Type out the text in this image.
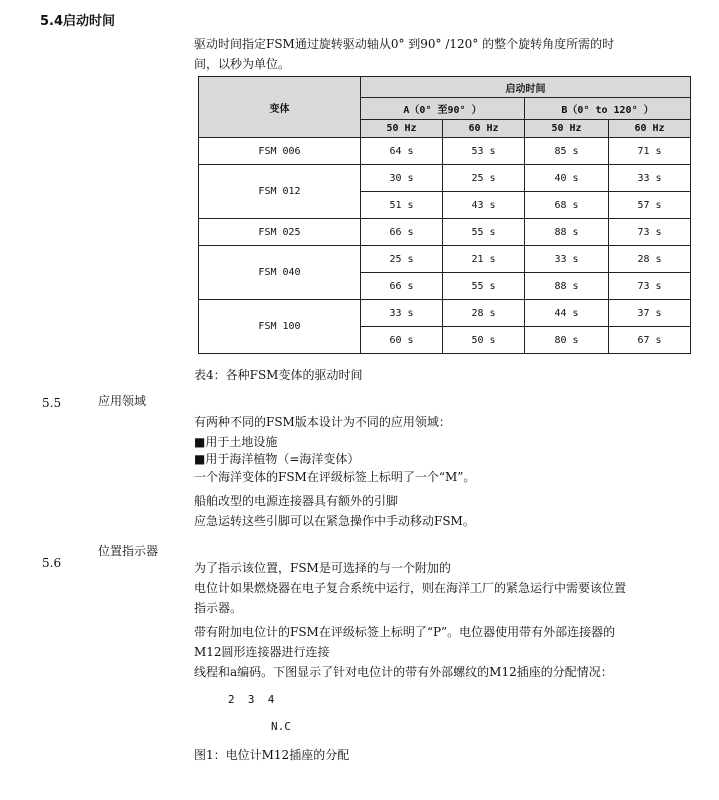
5.4启动时间
驱动时间指定FSM通过旋转驱动轴从0° 到90° /120° 的整个旋转角度所需的时
间，以秒为单位。
变体	启动时间			
	A（0° 至90° ）		B（0° to 120° ）	
	50 Hz	60 Hz	50 Hz	60 Hz
FSM 006	64 s	53 s	85 s	71 s
FSM 012	30 s	25 s	40 s	33 s
	51 s	43 s	68 s	57 s
FSM 025	66 s	55 s	88 s	73 s
FSM 040	25 s	21 s	33 s	28 s
	66 s	55 s	88 s	73 s
FSM 100	33 s	28 s	44 s	37 s
	60 s	50 s	80 s	67 s
表4：各种FSM变体的驱动时间
5.5	应用领域
有两种不同的FSM版本设计为不同的应用领域：
■用于土地设施
■用于海洋植物（=海洋变体）
一个海洋变体的FSM在评级标签上标明了一个“M”。
船舶改型的电源连接器具有额外的引脚
应急运转这些引脚可以在紧急操作中手动移动FSM。
位置指示器
5.6	为了指示该位置，FSM是可选择的与一个附加的
电位计如果燃烧器在电子复合系统中运行，则在海洋工厂的紧急运行中需要该位置
指示器。
带有附加电位计的FSM在评级标签上标明了“P”。电位器使用带有外部连接器的
M12圆形连接器进行连接
线程和a编码。下图显示了针对电位计的带有外部螺纹的M12插座的分配情况：
2  3  4
N.C
图1：电位计M12插座的分配
